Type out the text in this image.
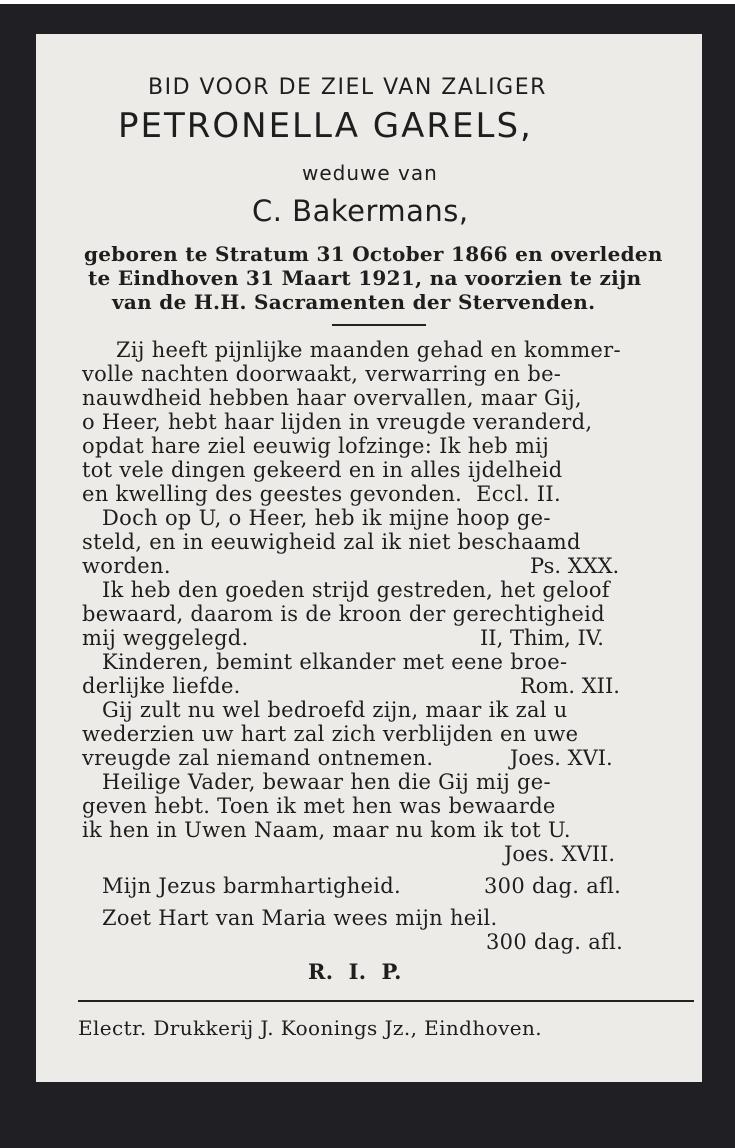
BID VOOR DE ZIEL VAN ZALIGER
PETRONELLA GARELS,
weduwe van
C. Bakermans,
geboren te Stratum 31 October 1866 en overleden
te Eindhoven 31 Maart 1921, na voorzien te zijn
van de H.H. Sacramenten der Stervenden.
Zij heeft pijnlijke maanden gehad en kommer-
volle nachten doorwaakt, verwarring en be-
nauwdheid hebben haar overvallen, maar Gij,
o Heer, hebt haar lijden in vreugde veranderd,
opdat hare ziel eeuwig lofzinge: Ik heb mij
tot vele dingen gekeerd en in alles ijdelheid
en kwelling des geestes gevonden.  Eccl. II.
Doch op U, o Heer, heb ik mijne hoop ge-
steld, en in eeuwigheid zal ik niet beschaamd
worden.	Ps. XXX.
Ik heb den goeden strijd gestreden, het geloof
bewaard, daarom is de kroon der gerechtigheid
mij weggelegd.	II, Thim, IV.
Kinderen, bemint elkander met eene broe-
derlijke liefde.	Rom. XII.
Gij zult nu wel bedroefd zijn, maar ik zal u
wederzien uw hart zal zich verblijden en uwe
vreugde zal niemand ontnemen.	Joes. XVI.
Heilige Vader, bewaar hen die Gij mij ge-
geven hebt. Toen ik met hen was bewaarde
ik hen in Uwen Naam, maar nu kom ik tot U.
Joes. XVII.
Mijn Jezus barmhartigheid.	300 dag. afl.
Zoet Hart van Maria wees mijn heil.
300 dag. afl.
R.  I.  P.
Electr. Drukkerij J. Koonings Jz., Eindhoven.
